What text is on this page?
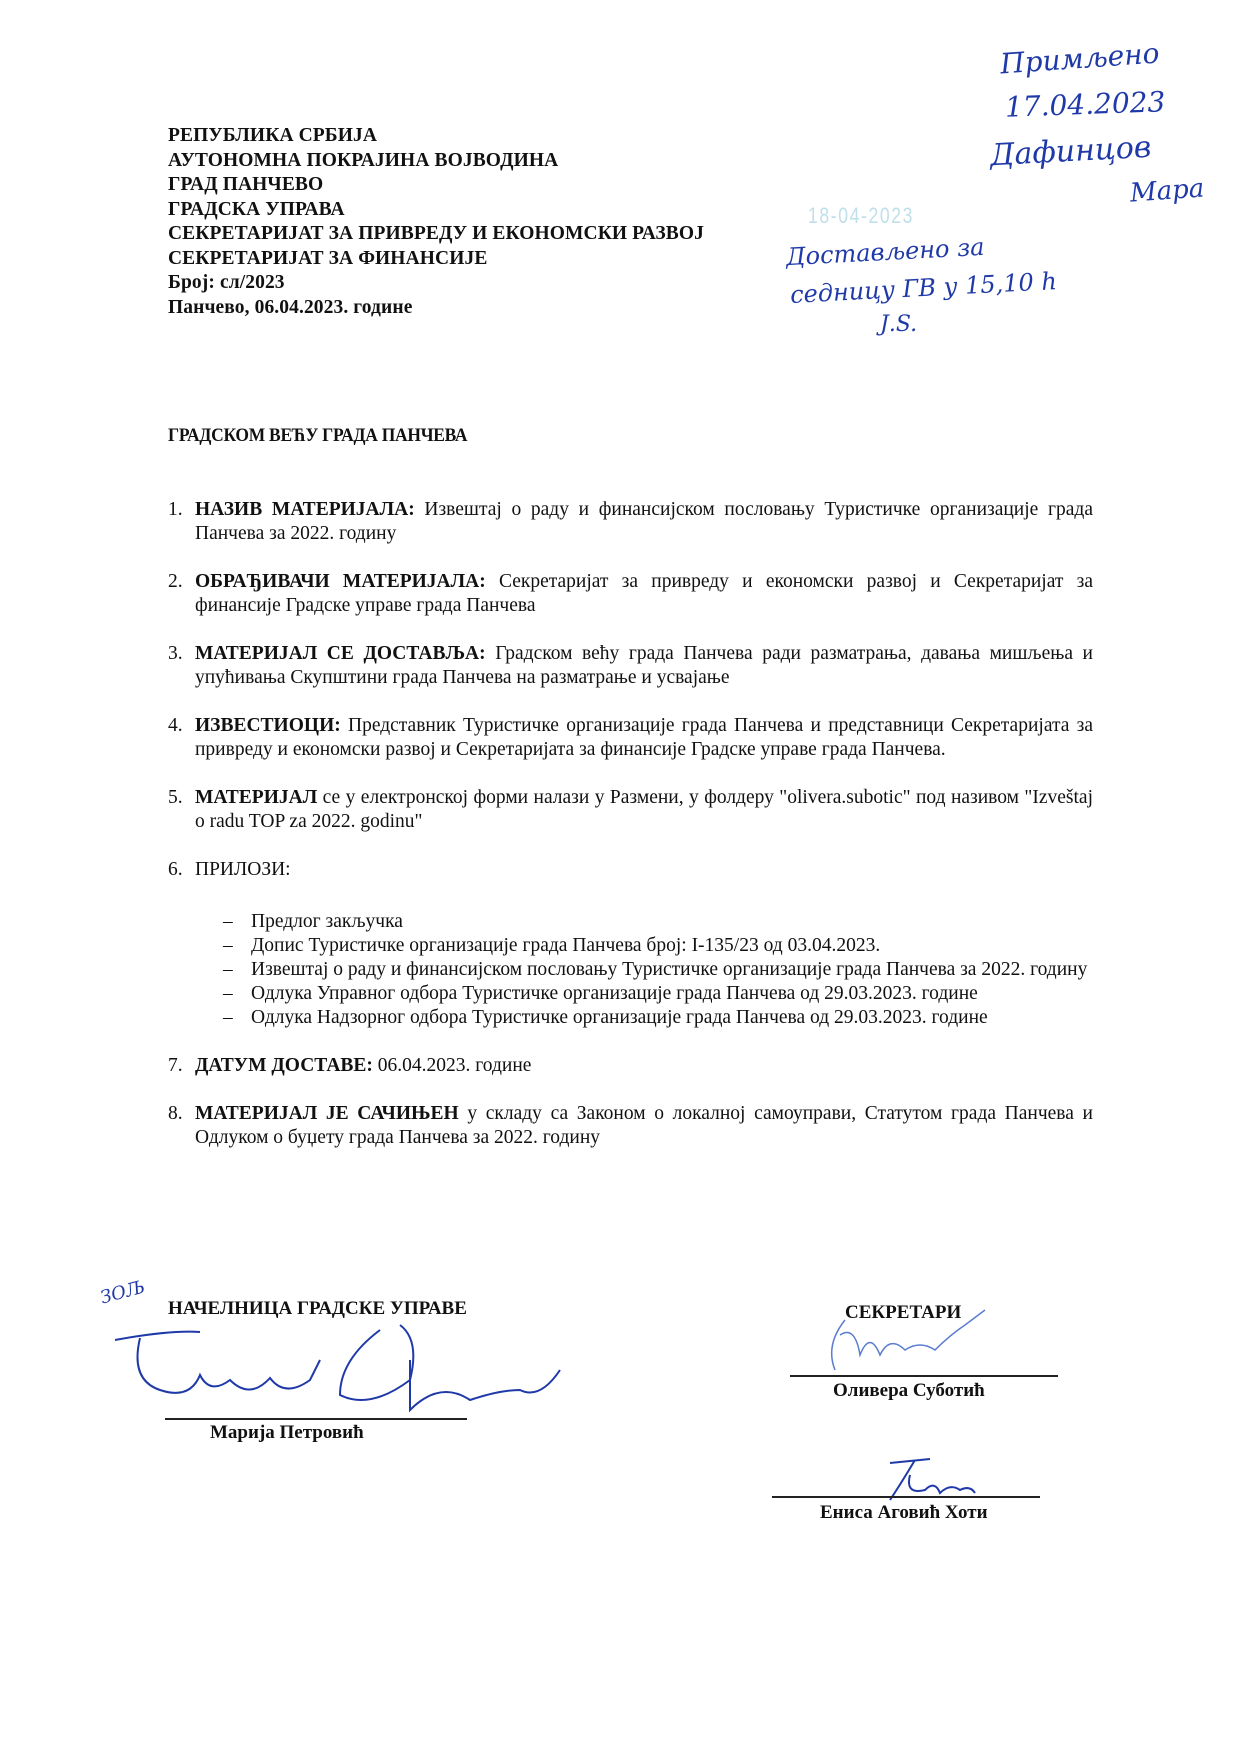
РЕПУБЛИКА СРБИЈА
АУТОНОМНА ПОКРАЈИНА ВОЈВОДИНА
ГРАД ПАНЧЕВО
ГРАДСКА УПРАВА
СЕКРЕТАРИЈАТ ЗА ПРИВРЕДУ И ЕКОНОМСКИ РАЗВОЈ
СЕКРЕТАРИЈАТ ЗА ФИНАНСИЈЕ
Број: сл/2023
Панчево, 06.04.2023. године
Примљено
17.04.2023
Дафинцов
Мара
18-04-2023
Достављено за
седницу ГВ у 15,10 h
Ј.S.
ГРАДСКОМ ВЕЋУ ГРАДА ПАНЧЕВА
1. НАЗИВ МАТЕРИЈАЛА: Извештај о раду и финансијском пословању Туристичке организације града Панчева за 2022. годину
2. ОБРАЂИВАЧИ МАТЕРИЈАЛА: Секретаријат за привреду и економски развој и Секретаријат за финансије Градске управе града Панчева
3. МАТЕРИЈАЛ СЕ ДОСТАВЉА: Градском већу града Панчева ради разматрања, давања мишљења и упућивања Скупштини града Панчева на разматрање и усвајање
4. ИЗВЕСТИОЦИ: Представник Туристичке организације града Панчева и представници Секретаријата за привреду и економски развој и Секретаријата за финансије Градске управе града Панчева.
5. МАТЕРИЈАЛ се у електронској форми налази у Размени, у фолдеру "olivera.subotic" под називом "Izveštaj o radu TOP za 2022. godinu"
6. ПРИЛОЗИ:
– Предлог закључка
– Допис Туристичке организације града Панчева број: I-135/23 од 03.04.2023.
– Извештај о раду и финансијском пословању Туристичке организације града Панчева за 2022. годину
– Одлука Управног одбора Туристичке организације града Панчева од 29.03.2023. године
– Одлука Надзорног одбора Туристичке организације града Панчева од 29.03.2023. године
7. ДАТУМ ДОСТАВЕ: 06.04.2023. године
8. МАТЕРИЈАЛ ЈЕ САЧИЊЕН у складу са Законом о локалној самоуправи, Статутом града Панчева и Одлуком о буџету града Панчева за 2022. годину
ЗОЉ НАЧЕЛНИЦА ГРАДСКЕ УПРАВЕ
Марија Петровић
СЕКРЕТАРИ
Оливера Суботић
Ениса Аговић Хоти
